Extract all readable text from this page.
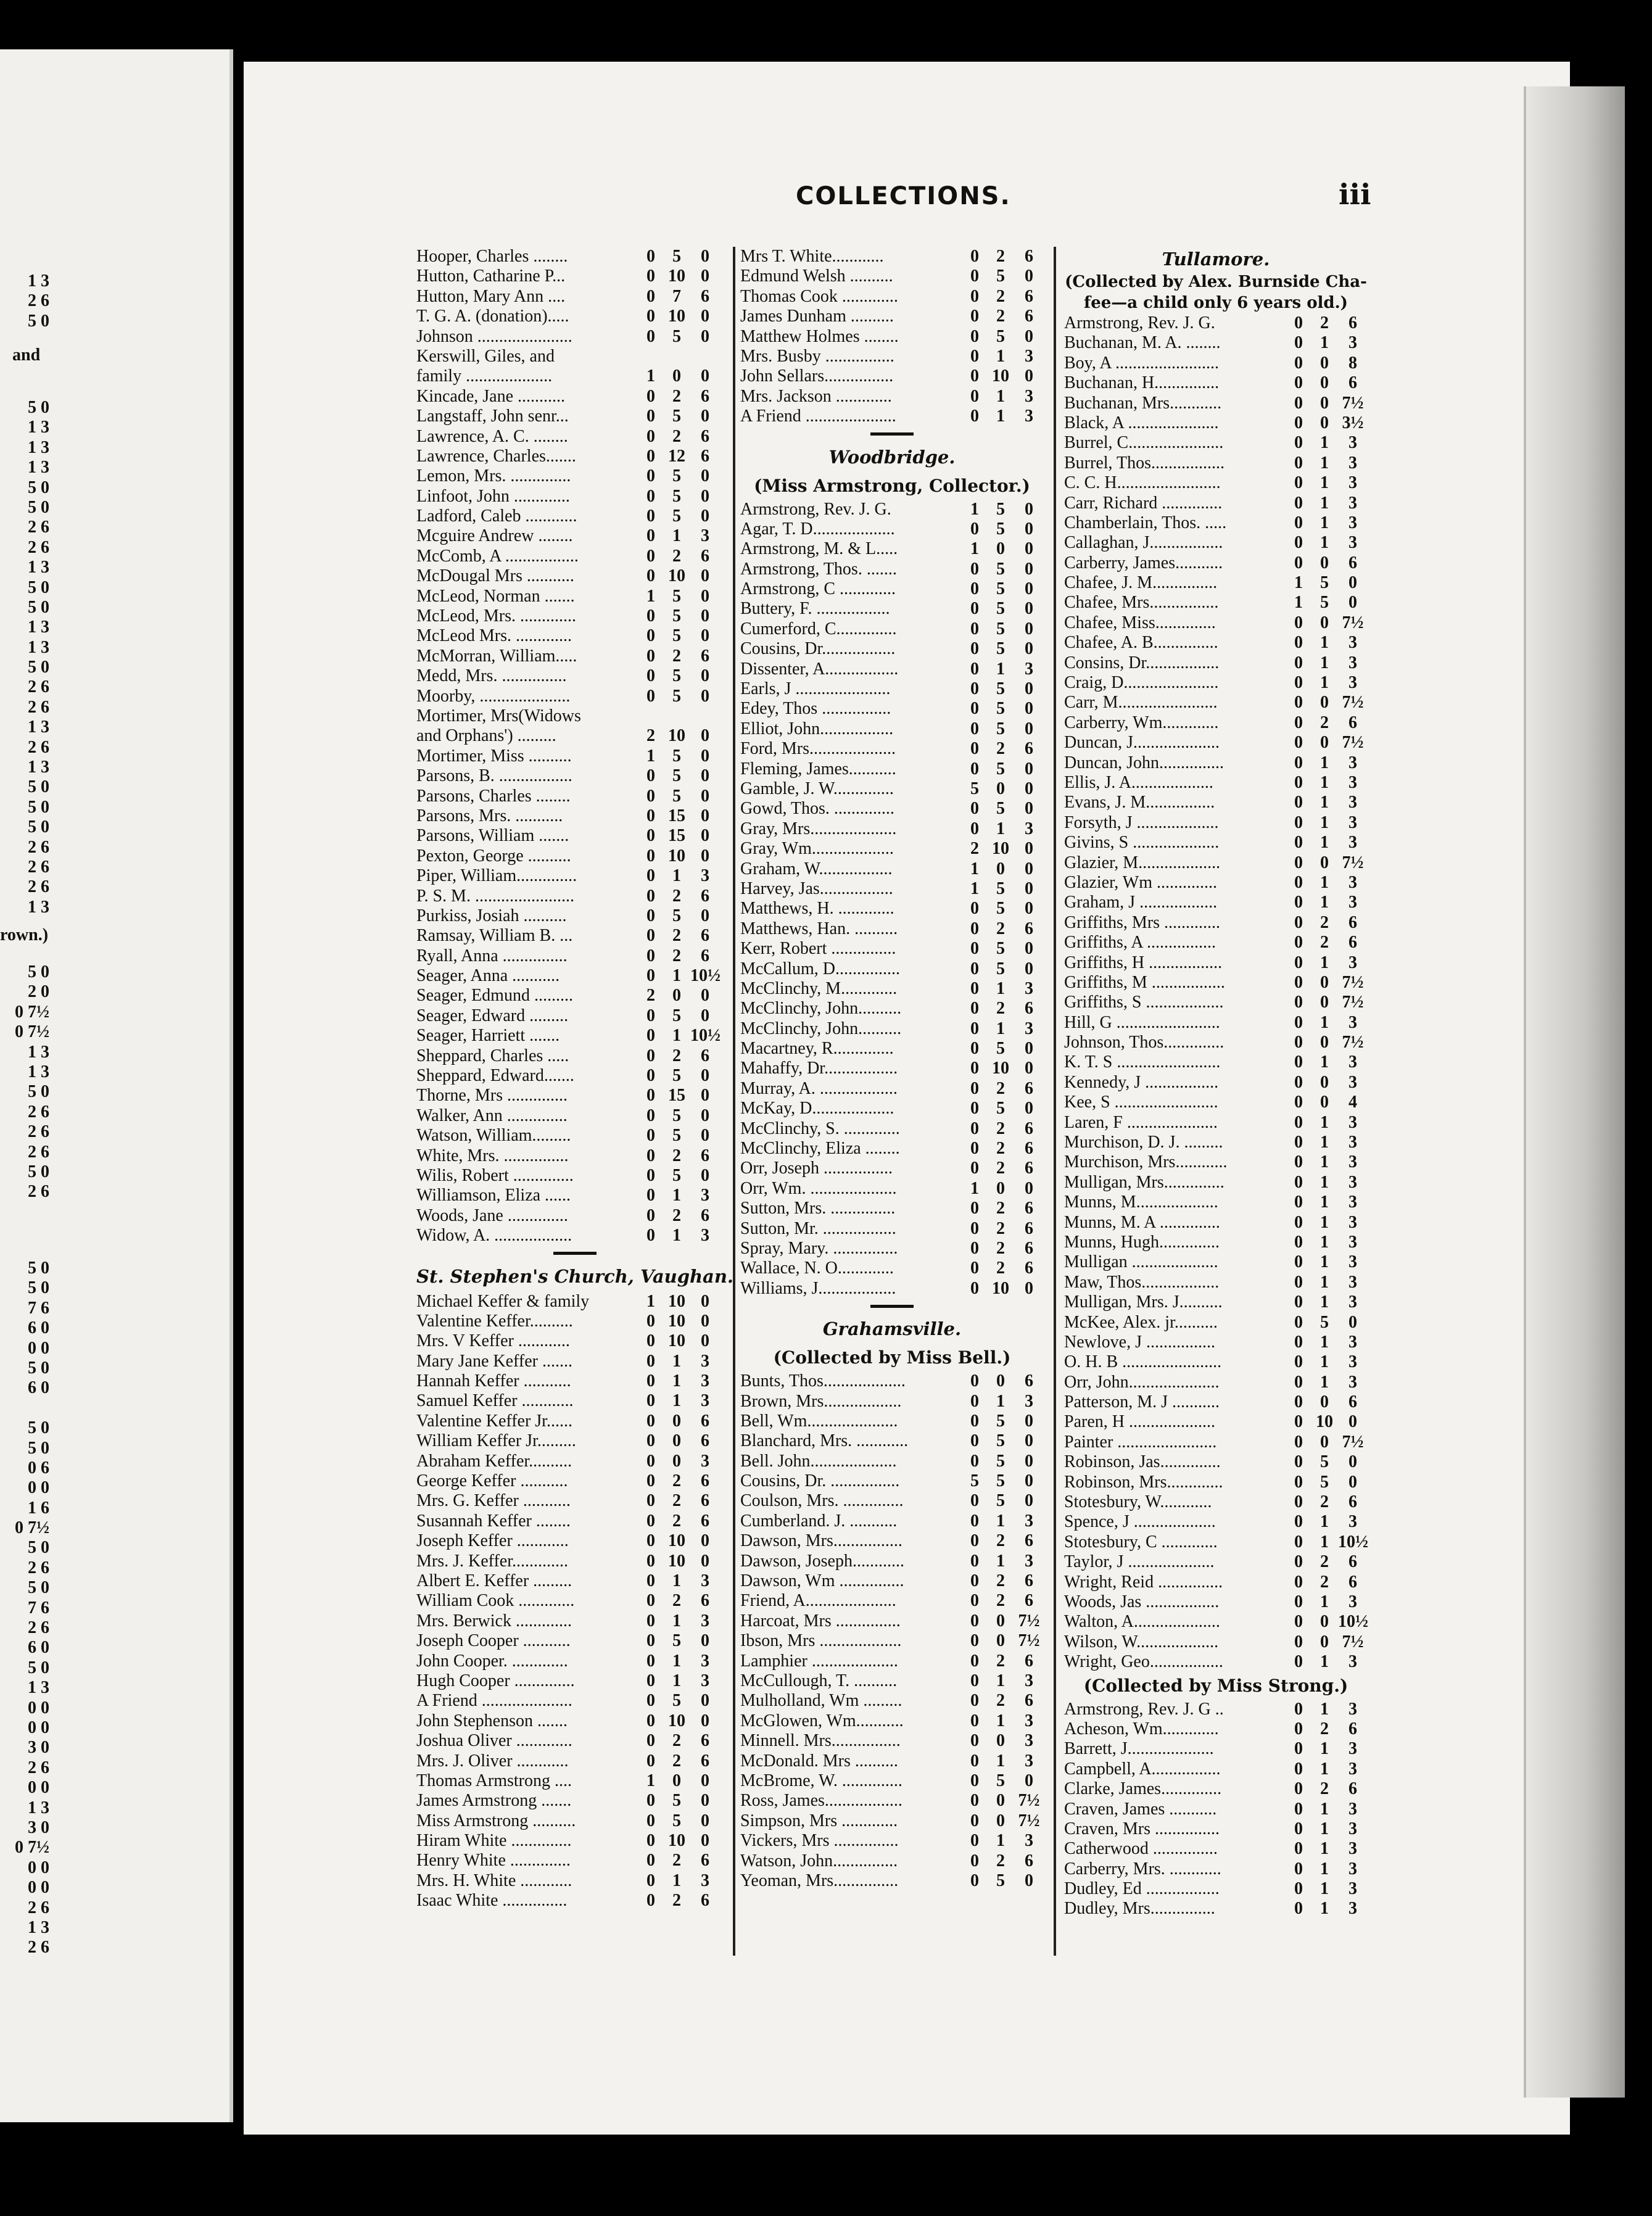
1 3
2 6
5 0
and
5 0
1 3
1 3
1 3
5 0
5 0
2 6
2 6
1 3
5 0
5 0
1 3
1 3
5 0
2 6
2 6
1 3
2 6
1 3
5 0
5 0
5 0
2 6
2 6
2 6
1 3
rown.)
5 0
2 0
0 7½
0 7½
1 3
1 3
5 0
2 6
2 6
2 6
5 0
2 6
5 0
5 0
7 6
6 0
0 0
5 0
6 0
5 0
5 0
0 6
0 0
1 6
0 7½
5 0
2 6
5 0
7 6
2 6
6 0
5 0
1 3
0 0
0 0
3 0
2 6
0 0
1 3
3 0
0 7½
0 0
0 0
2 6
1 3
2 6
COLLECTIONS.	iii
Hooper, Charles ........	0	5	0
Hutton, Catharine P...	0 10 0
Hutton, Mary Ann ....	0	7	6
T. G. A. (donation).....	0 10 0
Johnson ......................	0	5	0
Kerswill, Giles, and
family ....................	1	0	0
Kincade, Jane ...........	0	2	6
Langstaff, John senr...	0	5	0
Lawrence, A. C. ........	0	2	6
Lawrence, Charles.......	0 12 6
Lemon, Mrs. ..............	0	5	0
Linfoot, John .............	0	5	0
Ladford, Caleb ............	0	5	0
Mcguire Andrew ........	0	1	3
McComb, A .................	0	2	6
McDougal Mrs ...........	0 10 0
McLeod, Norman .......	1	5	0
McLeod, Mrs. .............	0	5	0
McLeod Mrs. .............	0	5	0
McMorran, William.....	0	2	6
Medd, Mrs. ...............	0	5	0
Moorby, .....................	0	5	0
Mortimer, Mrs(Widows
and Orphans') .........	2 10 0
Mortimer, Miss ..........	1	5	0
Parsons, B. .................	0	5	0
Parsons, Charles ........	0	5	0
Parsons, Mrs. ...........	0 15 0
Parsons, William .......	0 15 0
Pexton, George ..........	0 10 0
Piper, William..............	0	1	3
P. S. M. .......................	0	2	6
Purkiss, Josiah ..........	0	5	0
Ramsay, William B. ...	0	2	6
Ryall, Anna ...............	0	2	6
Seager, Anna ...........	0	1 10½
Seager, Edmund .........	2	0	0
Seager, Edward .........	0	5	0
Seager, Harriett .......	0	1 10½
Sheppard, Charles .....	0	2	6
Sheppard, Edward.......	0	5	0
Thorne, Mrs ..............	0 15 0
Walker, Ann ..............	0	5	0
Watson, William.........	0	5	0
White, Mrs. ...............	0	2	6
Wilis, Robert ..............	0	5	0
Williamson, Eliza ......	0	1	3
Woods, Jane ..............	0	2	6
Widow, A. ..................	0	1	3
St. Stephen's Church, Vaughan.
Michael Keffer & family	1 10 0
Valentine Keffer..........	0 10 0
Mrs. V Keffer ............	0 10 0
Mary Jane Keffer .......	0	1	3
Hannah Keffer ...........	0	1	3
Samuel Keffer ............	0	1	3
Valentine Keffer Jr......	0	0	6
William Keffer Jr.........	0	0	6
Abraham Keffer..........	0	0	3
George Keffer ...........	0	2	6
Mrs. G. Keffer ...........	0	2	6
Susannah Keffer ........	0	2	6
Joseph Keffer ............	0 10 0
Mrs. J. Keffer.............	0 10 0
Albert E. Keffer .........	0	1	3
William Cook .............	0	2	6
Mrs. Berwick .............	0	1	3
Joseph Cooper ...........	0	5	0
John Cooper. .............	0	1	3
Hugh Cooper ..............	0	1	3
A Friend .....................	0	5	0
John Stephenson .......	0 10 0
Joshua Oliver .............	0	2	6
Mrs. J. Oliver ............	0	2	6
Thomas Armstrong ....	1	0	0
James Armstrong .......	0	5	0
Miss Armstrong ..........	0	5	0
Hiram White ..............	0 10 0
Henry White ..............	0	2	6
Mrs. H. White ............	0	1	3
Isaac White ...............	0	2	6
Mrs T. White............	0	2	6
Edmund Welsh ..........	0	5	0
Thomas Cook .............	0	2	6
James Dunham ..........	0	2	6
Matthew Holmes ........	0	5	0
Mrs. Busby ................	0	1	3
John Sellars................	0 10 0
Mrs. Jackson .............	0	1	3
A Friend .....................	0	1	3
Woodbridge.
(Miss Armstrong, Collector.)
Armstrong, Rev. J. G.	1	5	0
Agar, T. D...................	0	5	0
Armstrong, M. & L.....	1	0	0
Armstrong, Thos. .......	0	5	0
Armstrong, C .............	0	5	0
Buttery, F. .................	0	5	0
Cumerford, C..............	0	5	0
Cousins, Dr.................	0	5	0
Dissenter, A.................	0	1	3
Earls, J ......................	0	5	0
Edey, Thos ................	0	5	0
Elliot, John.................	0	5	0
Ford, Mrs....................	0	2	6
Fleming, James...........	0	5	0
Gamble, J. W..............	5	0	0
Gowd, Thos. ..............	0	5	0
Gray, Mrs....................	0	1	3
Gray, Wm...................	2 10 0
Graham, W.................	1	0	0
Harvey, Jas.................	1	5	0
Matthews, H. .............	0	5	0
Matthews, Han. ..........	0	2	6
Kerr, Robert ...............	0	5	0
McCallum, D...............	0	5	0
McClinchy, M.............	0	1	3
McClinchy, John..........	0	2	6
McClinchy, John..........	0	1	3
Macartney, R..............	0	5	0
Mahaffy, Dr.................	0 10 0
Murray, A. ..................	0	2	6
McKay, D...................	0	5	0
McClinchy, S. .............	0	2	6
McClinchy, Eliza ........	0	2	6
Orr, Joseph ................	0	2	6
Orr, Wm. ....................	1	0	0
Sutton, Mrs. ...............	0	2	6
Sutton, Mr. .................	0	2	6
Spray, Mary. ...............	0	2	6
Wallace, N. O.............	0	2	6
Williams, J..................	0 10 0
Grahamsville.
(Collected by Miss Bell.)
Bunts, Thos...................	0	0	6
Brown, Mrs..................	0	1	3
Bell, Wm.....................	0	5	0
Blanchard, Mrs. ............	0	5	0
Bell. John....................	0	5	0
Cousins, Dr. ................	5	5	0
Coulson, Mrs. ..............	0	5	0
Cumberland. J. ...........	0	1	3
Dawson, Mrs................	0	2	6
Dawson, Joseph............	0	1	3
Dawson, Wm ...............	0	2	6
Friend, A.....................	0	2	6
Harcoat, Mrs ...............	0	0 7½
Ibson, Mrs ...................	0	0 7½
Lamphier ....................	0	2	6
McCullough, T. ..........	0	1	3
Mulholland, Wm .........	0	2	6
McGlowen, Wm...........	0	1	3
Minnell. Mrs................	0	0	3
McDonald. Mrs ..........	0	1	3
McBrome, W. ..............	0	5	0
Ross, James..................	0	0 7½
Simpson, Mrs .............	0	0 7½
Vickers, Mrs ...............	0	1	3
Watson, John...............	0	2	6
Yeoman, Mrs...............	0	5	0
Tullamore.
(Collected by Alex. Burnside Cha-
fee—a child only 6 years old.)
Armstrong, Rev. J. G.	0	2	6
Buchanan, M. A. ........	0	1	3
Boy, A ........................	0	0	8
Buchanan, H...............	0	0	6
Buchanan, Mrs............	0	0 7½
Black, A .....................	0	0 3½
Burrel, C......................	0	1	3
Burrel, Thos.................	0	1	3
C. C. H........................	0	1	3
Carr, Richard ..............	0	1	3
Chamberlain, Thos. .....	0	1	3
Callaghan, J.................	0	1	3
Carberry, James...........	0	0	6
Chafee, J. M...............	1	5	0
Chafee, Mrs................	1	5	0
Chafee, Miss..............	0	0 7½
Chafee, A. B...............	0	1	3
Consins, Dr.................	0	1	3
Craig, D......................	0	1	3
Carr, M.......................	0	0 7½
Carberry, Wm.............	0	2	6
Duncan, J....................	0	0 7½
Duncan, John...............	0	1	3
Ellis, J. A...................	0	1	3
Evans, J. M................	0	1	3
Forsyth, J ...................	0	1	3
Givins, S ....................	0	1	3
Glazier, M...................	0	0 7½
Glazier, Wm ..............	0	1	3
Graham, J ..................	0	1	3
Griffiths, Mrs .............	0	2	6
Griffiths, A ................	0	2	6
Griffiths, H .................	0	1	3
Griffiths, M .................	0	0 7½
Griffiths, S ..................	0	0 7½
Hill, G ........................	0	1	3
Johnson, Thos..............	0	0 7½
K. T. S ........................	0	1	3
Kennedy, J .................	0	0	3
Kee, S ........................	0	0	4
Laren, F .....................	0	1	3
Murchison, D. J. .........	0	1	3
Murchison, Mrs............	0	1	3
Mulligan, Mrs..............	0	1	3
Munns, M...................	0	1	3
Munns, M. A ..............	0	1	3
Munns, Hugh..............	0	1	3
Mulligan ....................	0	1	3
Maw, Thos..................	0	1	3
Mulligan, Mrs. J..........	0	1	3
McKee, Alex. jr..........	0	5	0
Newlove, J ................	0	1	3
O. H. B .......................	0	1	3
Orr, John.....................	0	1	3
Patterson, M. J ...........	0	0	6
Paren, H ....................	0 10 0
Painter .......................	0	0 7½
Robinson, Jas..............	0	5	0
Robinson, Mrs.............	0	5	0
Stotesbury, W............	0	2	6
Spence, J ...................	0	1	3
Stotesbury, C .............	0	1 10½
Taylor, J ....................	0	2	6
Wright, Reid ...............	0	2	6
Woods, Jas .................	0	1	3
Walton, A....................	0	0 10½
Wilson, W...................	0	0 7½
Wright, Geo.................	0	1	3
(Collected by Miss Strong.)
Armstrong, Rev. J. G ..	0	1	3
Acheson, Wm.............	0	2	6
Barrett, J....................	0	1	3
Campbell, A................	0	1	3
Clarke, James..............	0	2	6
Craven, James ...........	0	1	3
Craven, Mrs ...............	0	1	3
Catherwood ...............	0	1	3
Carberry, Mrs. ............	0	1	3
Dudley, Ed .................	0	1	3
Dudley, Mrs...............	0	1	3
